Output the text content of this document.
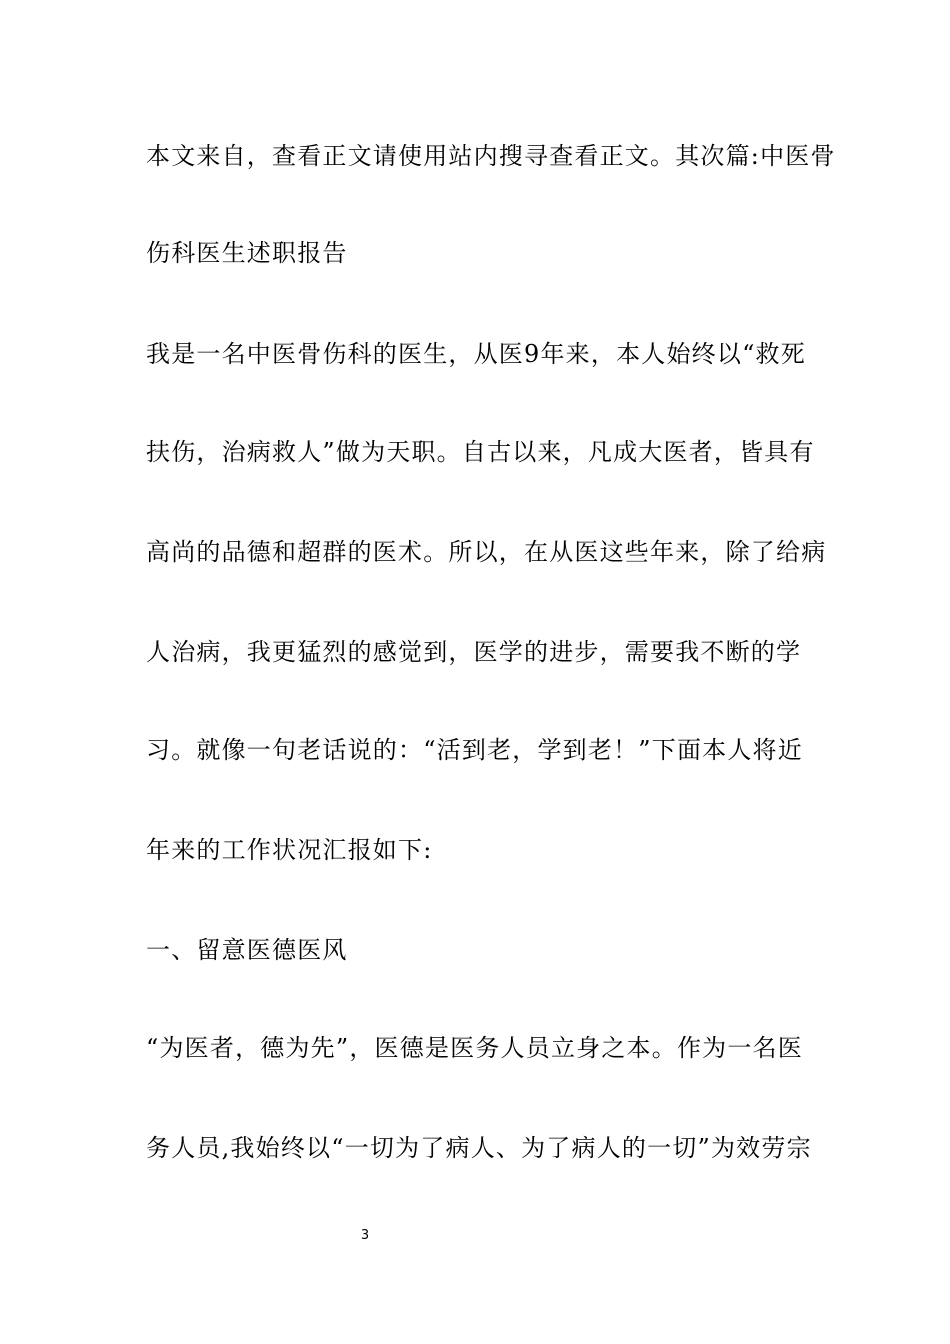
本文来自，查看正文请使用站内搜寻查看正文。其次篇:中医骨
伤科医生述职报告
我是一名中医骨伤科的医生，从医9年来，本人始终以“救死
扶伤，治病救人”做为天职。自古以来，凡成大医者，皆具有
高尚的品德和超群的医术。所以，在从医这些年来，除了给病
人治病，我更猛烈的感觉到，医学的进步，需要我不断的学
习。就像一句老话说的：“活到老，学到老！”下面本人将近
年来的工作状况汇报如下:
一、留意医德医风
“为医者，德为先”，医德是医务人员立身之本。作为一名医
务人员,我始终以“一切为了病人、为了病人的一切”为效劳宗
3
